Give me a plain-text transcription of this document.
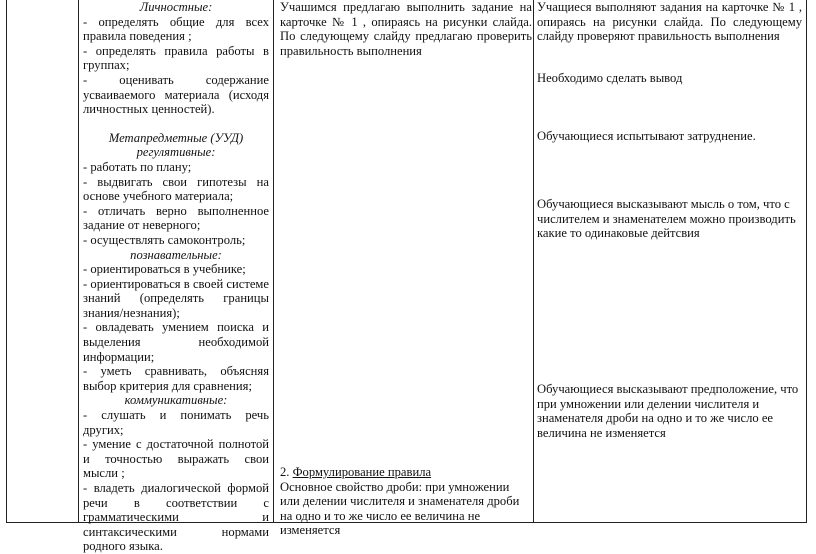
Личностные:
- определять общие для всех правила поведения ;
- определять правила работы в группах;
- оценивать содержание усваиваемого материала (исходя личностных ценностей).
Метапредметные (УУД)
регулятивные:
- работать по плану;
- выдвигать свои гипотезы на основе учебного материала;
- отличать верно выполненное задание от неверного;
- осуществлять самоконтроль;
познавательные:
- ориентироваться в учебнике;
- ориентироваться в своей системе знаний (определять границы знания/незнания);
- овладевать умением поиска и выделения необходимой информации;
- уметь сравнивать, объясняя выбор критерия для сравнения;
коммуникативные:
- слушать и понимать речь других;
- умение с достаточной полнотой и точностью выражать свои мысли ;
- владеть диалогической формой речи в соответствии с грамматическими и синтаксическими нормами родного языка.
Учашимся предлагаю выполнить задание на карточке № 1 , опираясь на рисунки слайда. По следующему слайду предлагаю проверить правильность выполнения
2. Формулирование правила
Основное свойство дроби: при умножении или делении числителя и знаменателя дроби на одно и то же число ее величина не изменяется
Учащиеся выполняют задания на карточке № 1 , опираясь на рисунки слайда. По следующему слайду проверяют правильность выполнения
Необходимо сделать вывод
Обучающиеся испытывают затруднение.
Обучающиеся высказывают мысль о том, что с числителем и знаменателем можно производить какие то одинаковые дейтсвия
Обучающиеся высказывают предположение, что при умножении или делении числителя и знаменателя дроби на одно и то же число ее величина не изменяется
